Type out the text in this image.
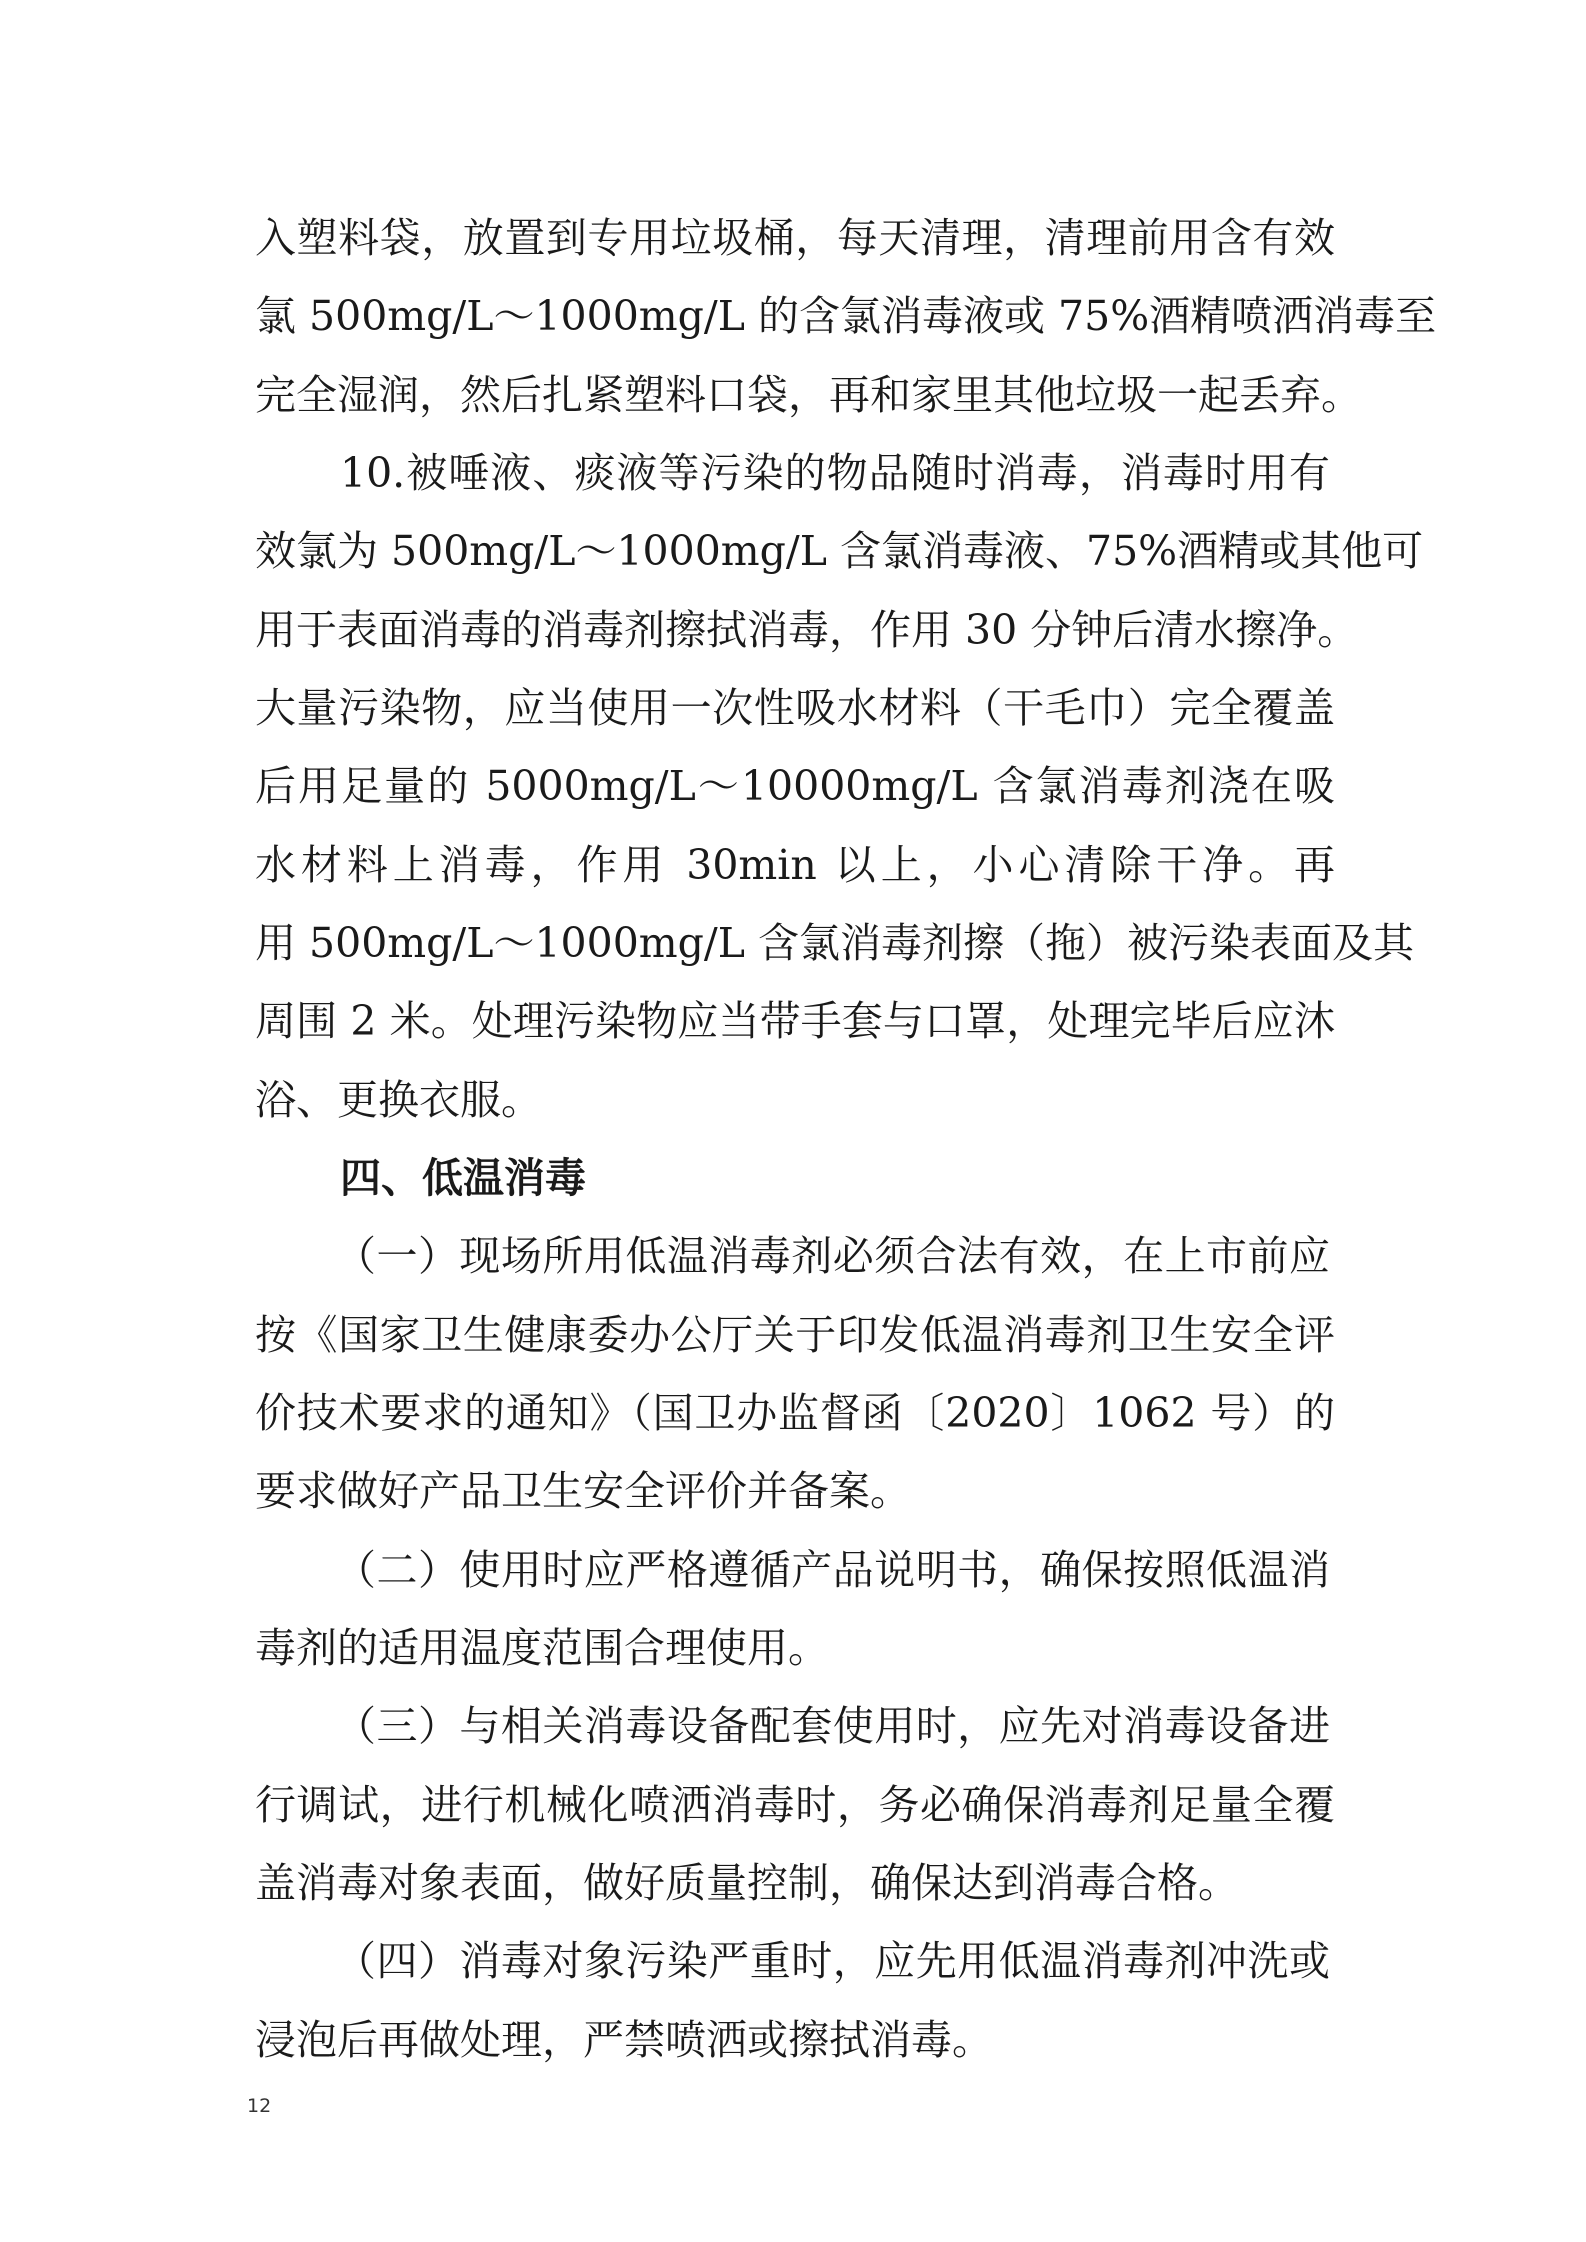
入塑料袋，放置到专用垃圾桶，每天清理，清理前用含有效
氯 500mg/L～1000mg/L 的含氯消毒液或 75%酒精喷洒消毒至
完全湿润，然后扎紧塑料口袋，再和家里其他垃圾一起丢弃。
10.被唾液、痰液等污染的物品随时消毒，消毒时用有
效氯为 500mg/L～1000mg/L 含氯消毒液、75%酒精或其他可
用于表面消毒的消毒剂擦拭消毒，作用 30 分钟后清水擦净。
大量污染物，应当使用一次性吸水材料（干毛巾）完全覆盖
后用足量的 5000mg/L～10000mg/L 含氯消毒剂浇在吸
水材料上消毒，作用 30min 以上，小心清除干净。再
用 500mg/L～1000mg/L 含氯消毒剂擦（拖）被污染表面及其
周围 2 米。处理污染物应当带手套与口罩，处理完毕后应沐
浴、更换衣服。
四、低温消毒
（一）现场所用低温消毒剂必须合法有效，在上市前应
按《国家卫生健康委办公厅关于印发低温消毒剂卫生安全评
价技术要求的通知》（国卫办监督函〔2020〕1062 号）的
要求做好产品卫生安全评价并备案。
（二）使用时应严格遵循产品说明书，确保按照低温消
毒剂的适用温度范围合理使用。
（三）与相关消毒设备配套使用时，应先对消毒设备进
行调试，进行机械化喷洒消毒时，务必确保消毒剂足量全覆
盖消毒对象表面，做好质量控制，确保达到消毒合格。
（四）消毒对象污染严重时，应先用低温消毒剂冲洗或
浸泡后再做处理，严禁喷洒或擦拭消毒。
12
